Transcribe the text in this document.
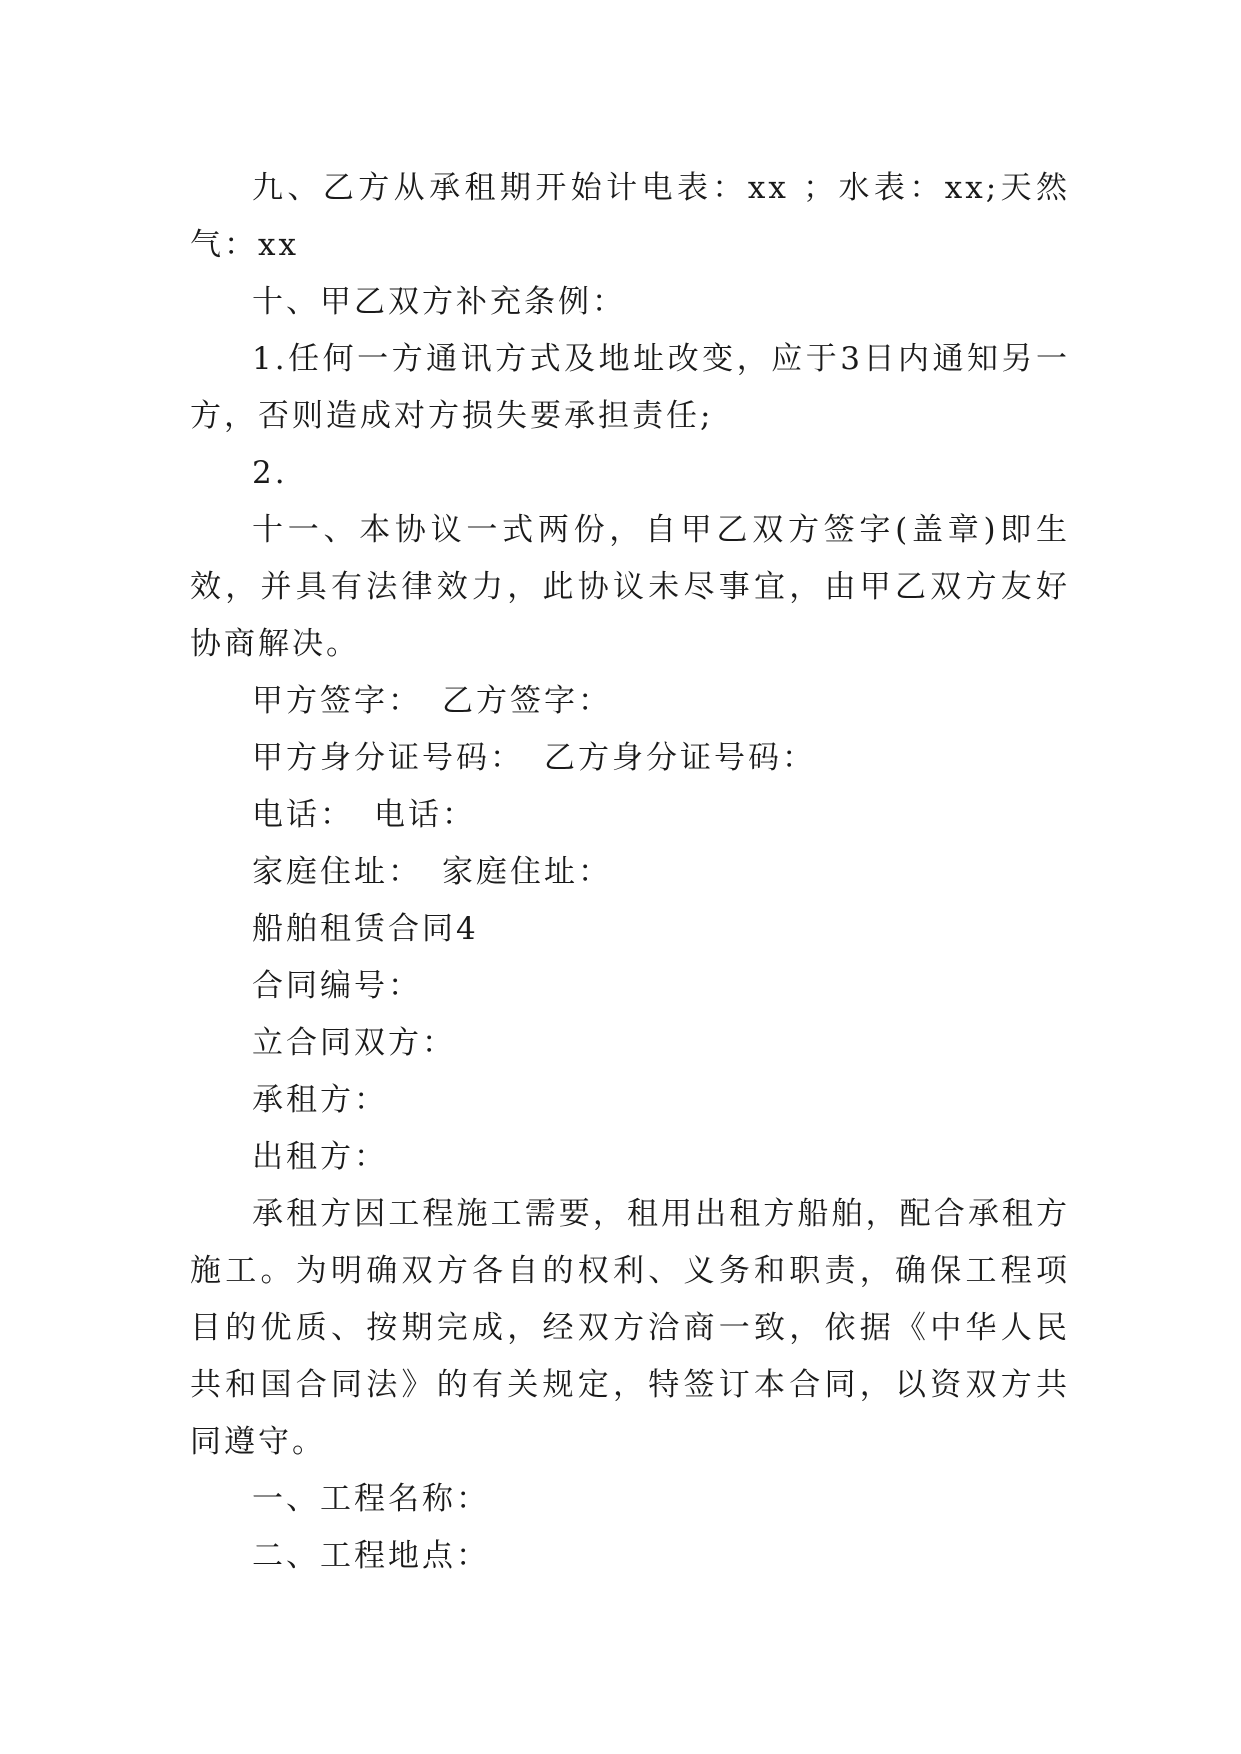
九、乙方从承租期开始计电表：xx ；水表：xx;天然气：xx

十、甲乙双方补充条例：

1.任何一方通讯方式及地址改变，应于3日内通知另一方，否则造成对方损失要承担责任;

2.

十一、本协议一式两份，自甲乙双方签字(盖章)即生效，并具有法律效力，此协议未尽事宜，由甲乙双方友好协商解决。

甲方签字： 乙方签字：

甲方身分证号码： 乙方身分证号码：

电话： 电话：

家庭住址： 家庭住址：

船舶租赁合同4

合同编号：

立合同双方：

承租方：

出租方：

承租方因工程施工需要，租用出租方船舶，配合承租方施工。为明确双方各自的权利、义务和职责，确保工程项目的优质、按期完成，经双方洽商一致，依据《中华人民共和国合同法》的有关规定，特签订本合同，以资双方共同遵守。

一、工程名称：

二、工程地点：
